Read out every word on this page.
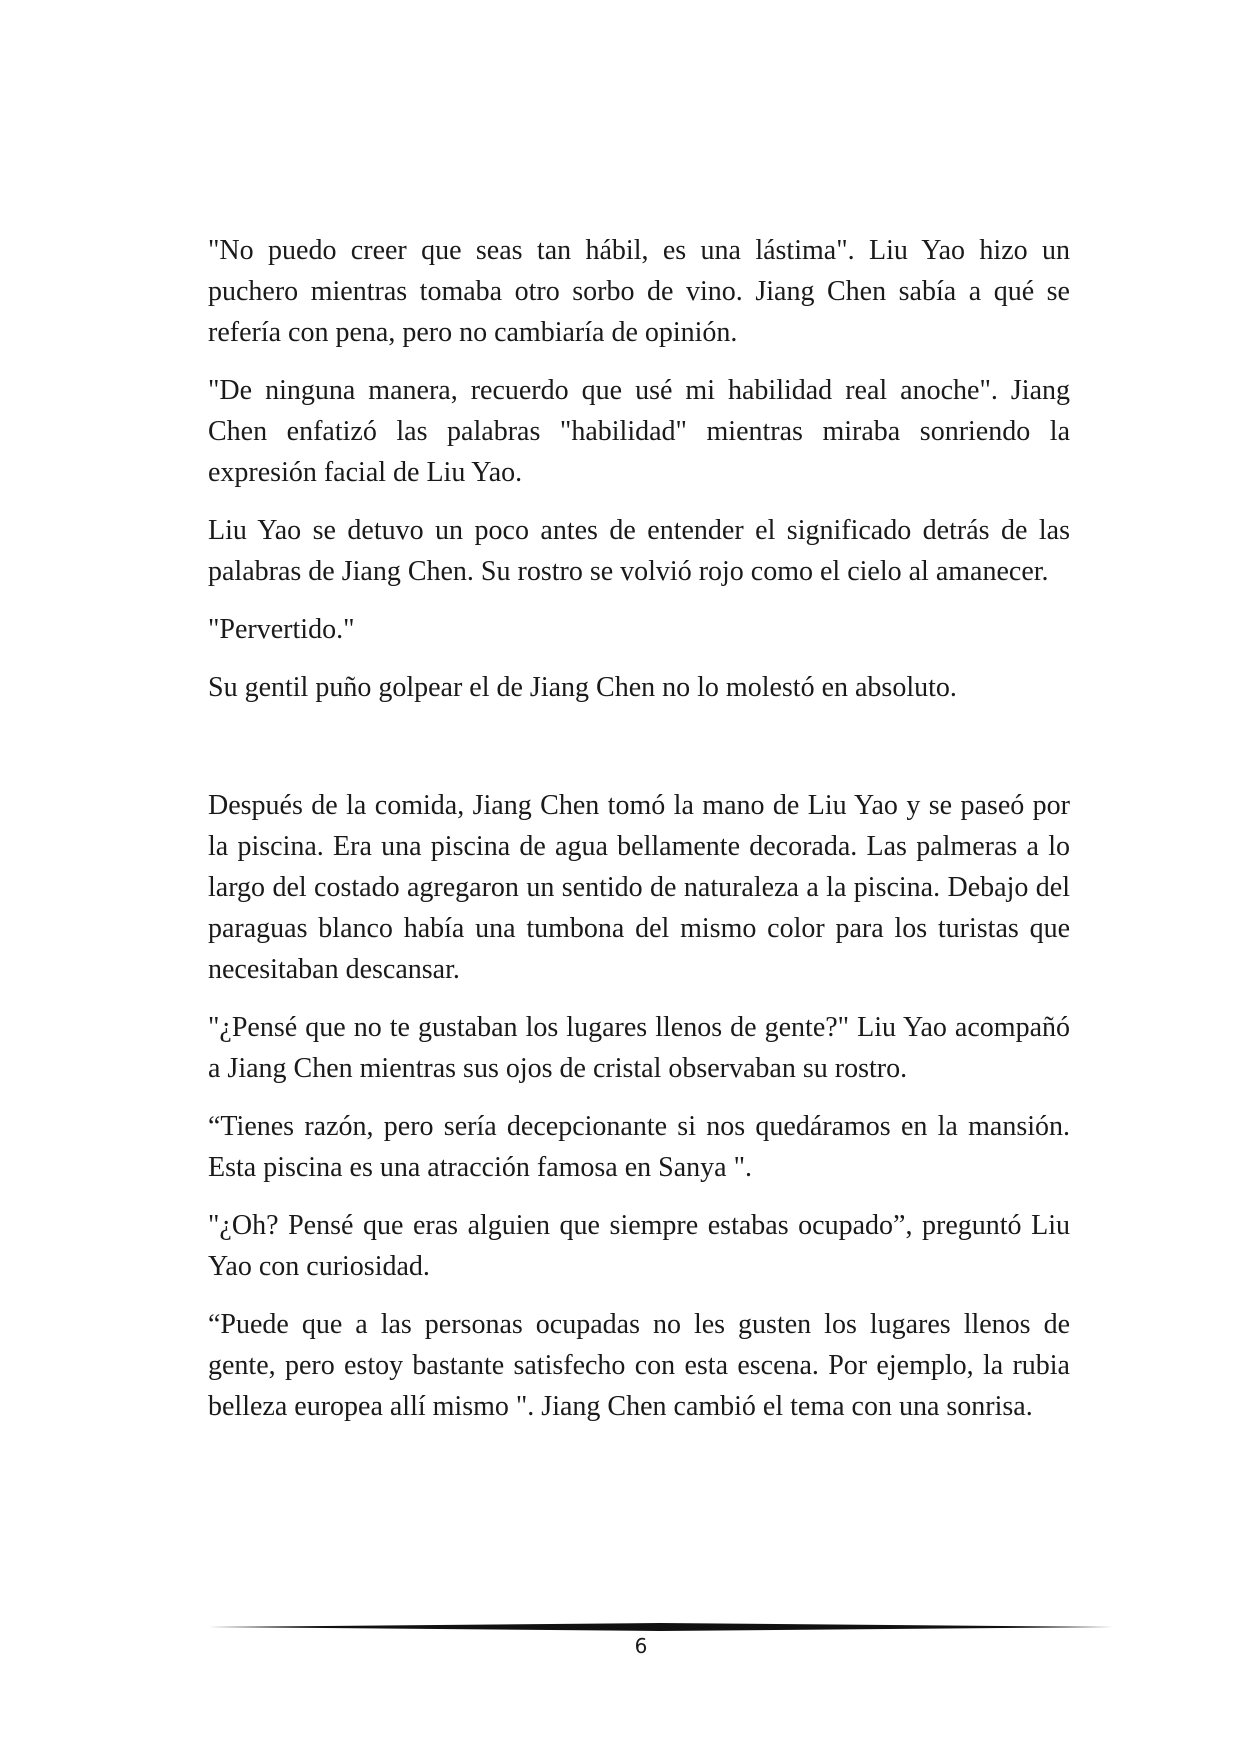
"No puedo creer que seas tan hábil, es una lástima". Liu Yao hizo un puchero mientras tomaba otro sorbo de vino. Jiang Chen sabía a qué se refería con pena, pero no cambiaría de opinión.

"De ninguna manera, recuerdo que usé mi habilidad real anoche". Jiang Chen enfatizó las palabras "habilidad" mientras miraba sonriendo la expresión facial de Liu Yao.

Liu Yao se detuvo un poco antes de entender el significado detrás de las palabras de Jiang Chen. Su rostro se volvió rojo como el cielo al amanecer.

"Pervertido."

Su gentil puño golpear el de Jiang Chen no lo molestó en absoluto.

Después de la comida, Jiang Chen tomó la mano de Liu Yao y se paseó por la piscina. Era una piscina de agua bellamente decorada. Las palmeras a lo largo del costado agregaron un sentido de naturaleza a la piscina. Debajo del paraguas blanco había una tumbona del mismo color para los turistas que necesitaban descansar.

"¿Pensé que no te gustaban los lugares llenos de gente?" Liu Yao acompañó a Jiang Chen mientras sus ojos de cristal observaban su rostro.

“Tienes razón, pero sería decepcionante si nos quedáramos en la mansión. Esta piscina es una atracción famosa en Sanya ".

"¿Oh? Pensé que eras alguien que siempre estabas ocupado”, preguntó Liu Yao con curiosidad.

“Puede que a las personas ocupadas no les gusten los lugares llenos de gente, pero estoy bastante satisfecho con esta escena. Por ejemplo, la rubia belleza europea allí mismo ". Jiang Chen cambió el tema con una sonrisa.

6
